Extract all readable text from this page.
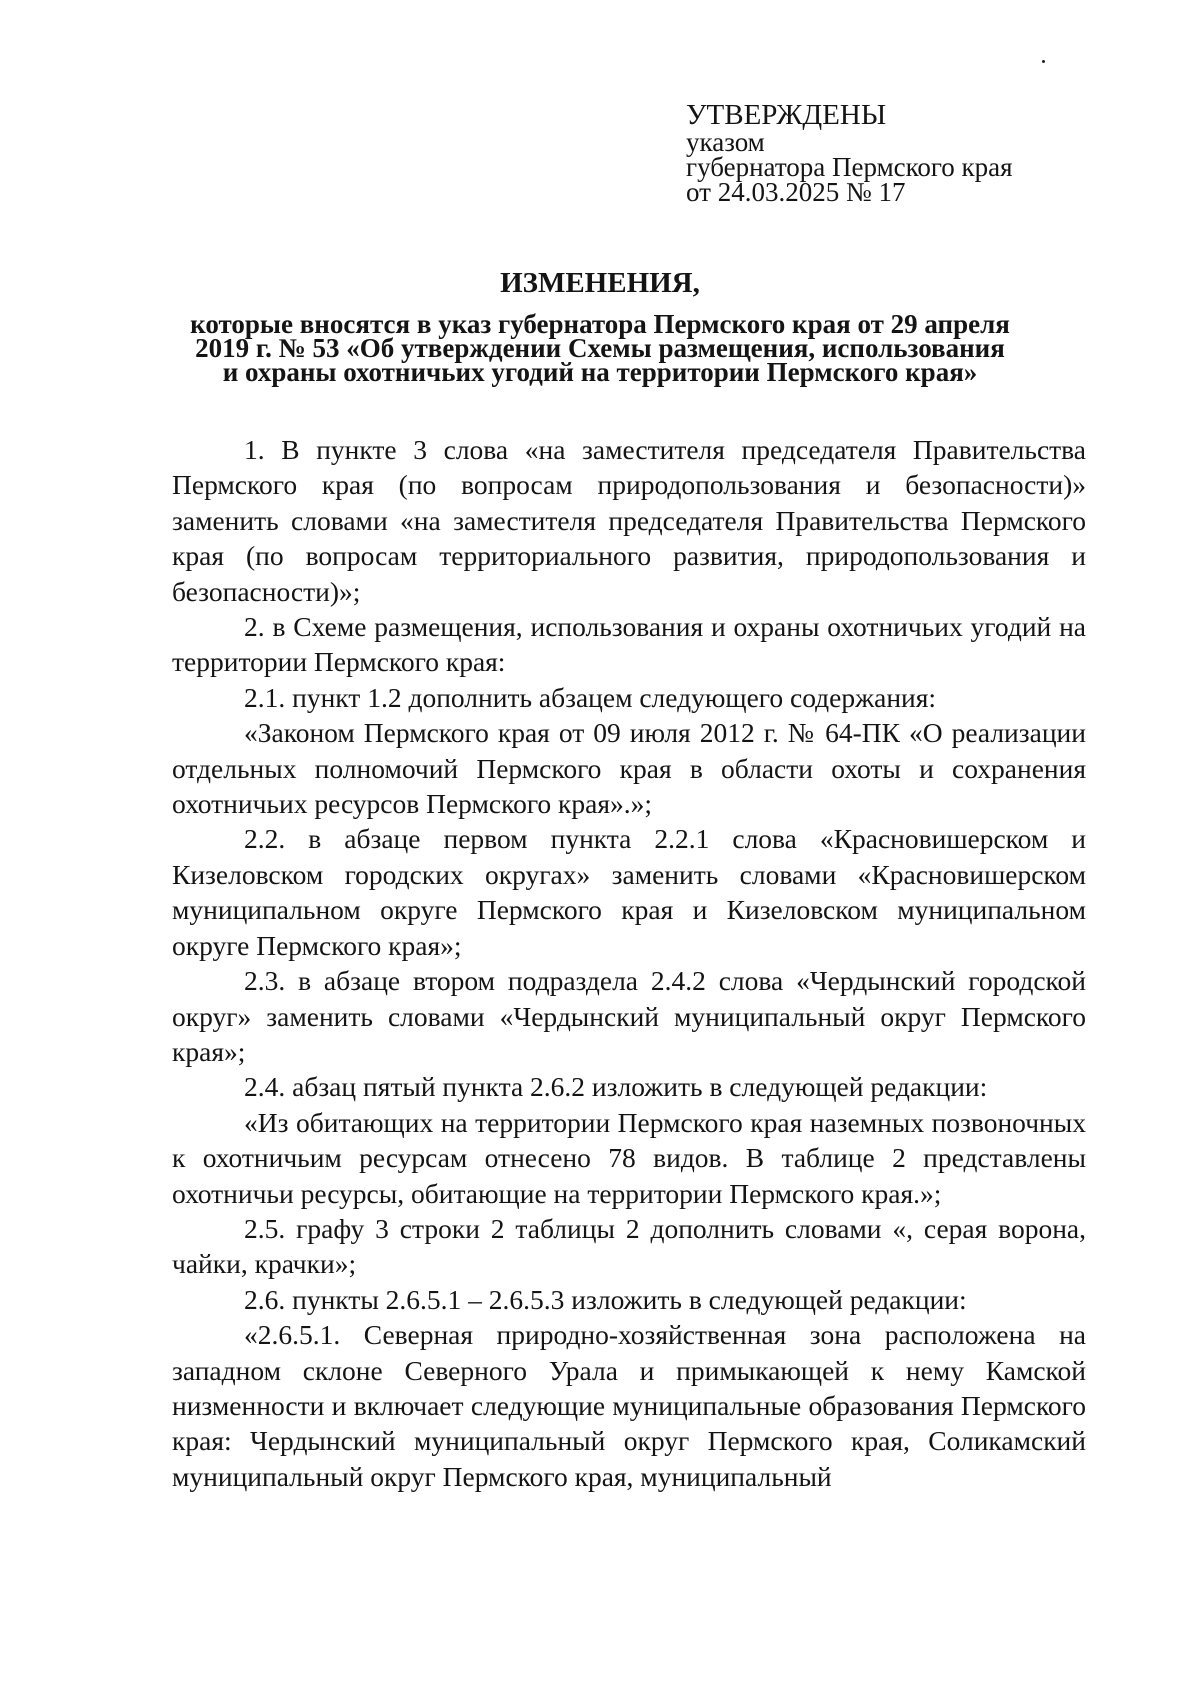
УТВЕРЖДЕНЫ
указом
губернатора Пермского края
от 24.03.2025 № 17
ИЗМЕНЕНИЯ,
которые вносятся в указ губернатора Пермского края от 29 апреля
2019 г. № 53 «Об утверждении Схемы размещения, использования
и охраны охотничьих угодий на территории Пермского края»

1. В пункте 3 слова «на заместителя председателя Правительства Пермского края (по вопросам природопользования и безопасности)» заменить словами «на заместителя председателя Правительства Пермского края (по вопросам территориального развития, природопользования и безопасности)»;

2. в Схеме размещения, использования и охраны охотничьих угодий на территории Пермского края:

2.1. пункт 1.2 дополнить абзацем следующего содержания:

«Законом Пермского края от 09 июля 2012 г. № 64-ПК «О реализации отдельных полномочий Пермского края в области охоты и сохранения охотничьих ресурсов Пермского края».»;

2.2. в абзаце первом пункта 2.2.1 слова «Красновишерском и Кизеловском городских округах» заменить словами «Красновишерском муниципальном округе Пермского края и Кизеловском муниципальном округе Пермского края»;

2.3. в абзаце втором подраздела 2.4.2 слова «Чердынский городской округ» заменить словами «Чердынский муниципальный округ Пермского края»;

2.4. абзац пятый пункта 2.6.2 изложить в следующей редакции:

«Из обитающих на территории Пермского края наземных позвоночных к охотничьим ресурсам отнесено 78 видов. В таблице 2 представлены охотничьи ресурсы, обитающие на территории Пермского края.»;

2.5. графу 3 строки 2 таблицы 2 дополнить словами «, серая ворона, чайки, крачки»;

2.6. пункты 2.6.5.1 – 2.6.5.3 изложить в следующей редакции:

«2.6.5.1. Северная природно-хозяйственная зона расположена на западном склоне Северного Урала и примыкающей к нему Камской низменности и включает следующие муниципальные образования Пермского края: Чердынский муниципальный округ Пермского края, Соликамский муниципальный округ Пермского края, муниципальный
